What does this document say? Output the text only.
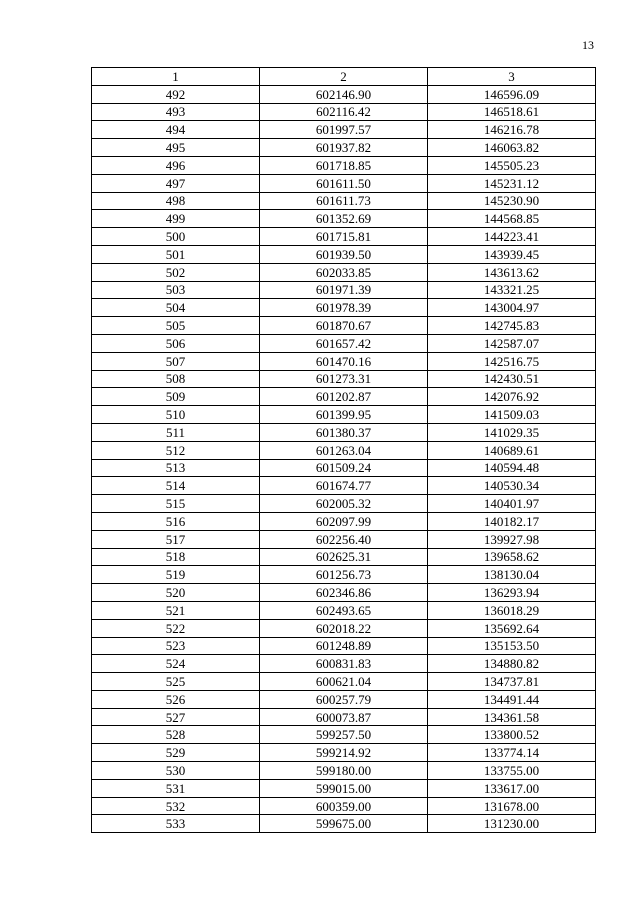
13
1	2	3
492	602146.90	146596.09
493	602116.42	146518.61
494	601997.57	146216.78
495	601937.82	146063.82
496	601718.85	145505.23
497	601611.50	145231.12
498	601611.73	145230.90
499	601352.69	144568.85
500	601715.81	144223.41
501	601939.50	143939.45
502	602033.85	143613.62
503	601971.39	143321.25
504	601978.39	143004.97
505	601870.67	142745.83
506	601657.42	142587.07
507	601470.16	142516.75
508	601273.31	142430.51
509	601202.87	142076.92
510	601399.95	141509.03
511	601380.37	141029.35
512	601263.04	140689.61
513	601509.24	140594.48
514	601674.77	140530.34
515	602005.32	140401.97
516	602097.99	140182.17
517	602256.40	139927.98
518	602625.31	139658.62
519	601256.73	138130.04
520	602346.86	136293.94
521	602493.65	136018.29
522	602018.22	135692.64
523	601248.89	135153.50
524	600831.83	134880.82
525	600621.04	134737.81
526	600257.79	134491.44
527	600073.87	134361.58
528	599257.50	133800.52
529	599214.92	133774.14
530	599180.00	133755.00
531	599015.00	133617.00
532	600359.00	131678.00
533	599675.00	131230.00
